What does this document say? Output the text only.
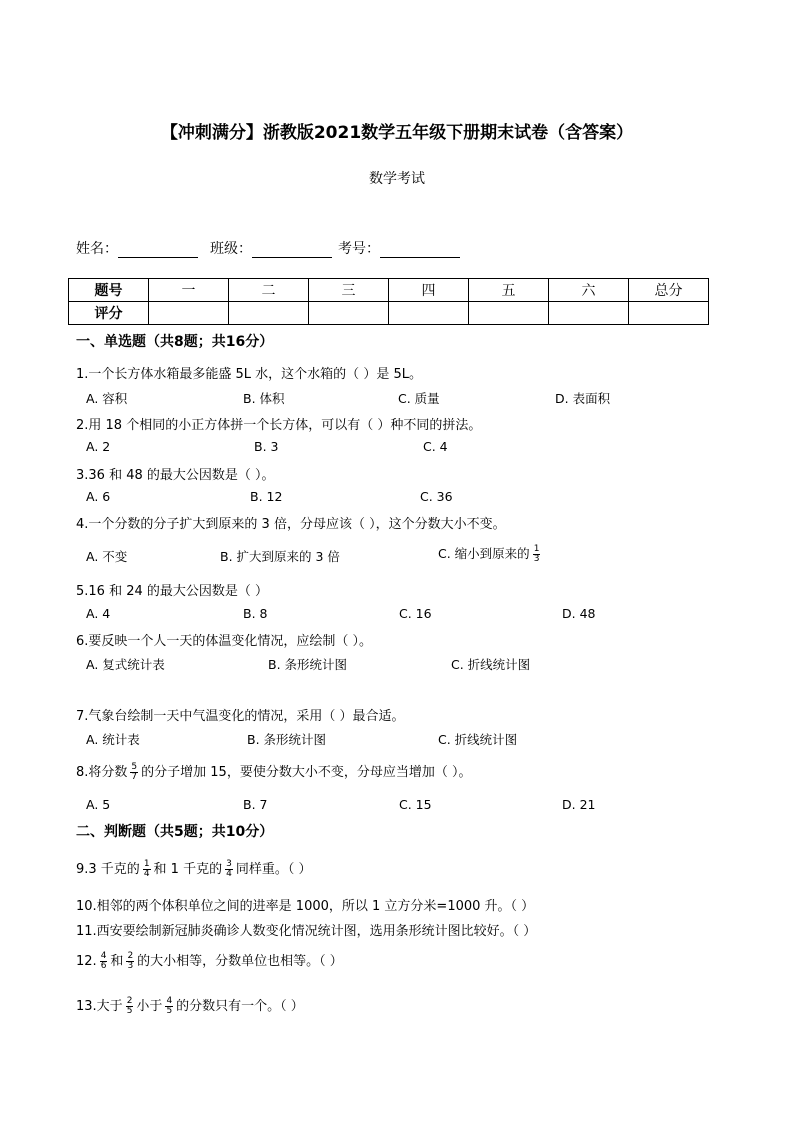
【冲刺满分】浙教版2021数学五年级下册期末试卷（含答案）
数学考试
姓名：	班级：	考号：
题号	一	二	三	四	五	六	总分
评分							
一、单选题（共8题；共16分）
1.一个长方体水箱最多能盛 5L 水，这个水箱的（ ）是 5L。
A. 容积	B. 体积	C. 质量	D. 表面积
2.用 18 个相同的小正方体拼一个长方体，可以有（ ）种不同的拼法。
A. 2	B. 3	C. 4
3.36 和 48 的最大公因数是（ ）。
A. 6	B. 12	C. 36
4.一个分数的分子扩大到原来的 3 倍，分母应该（ ），这个分数大小不变。
A. 不变	B. 扩大到原来的 3 倍	C. 缩小到原来的 $\frac{1}{3}$
5.16 和 24 的最大公因数是（ ）
A. 4	B. 8	C. 16	D. 48
6.要反映一个人一天的体温变化情况，应绘制（ ）。
A. 复式统计表	B. 条形统计图	C. 折线统计图
7.气象台绘制一天中气温变化的情况，采用（ ）最合适。
A. 统计表	B. 条形统计图	C. 折线统计图
8.将分数 $\frac{5}{7}$ 的分子增加 15，要使分数大小不变，分母应当增加（ ）。
A. 5	B. 7	C. 15	D. 21
二、判断题（共5题；共10分）
9.3 千克的 $\frac{1}{4}$ 和 1 千克的 $\frac{3}{4}$ 同样重。（ ）
10.相邻的两个体积单位之间的进率是 1000，所以 1 立方分米=1000 升。（ ）
11.西安要绘制新冠肺炎确诊人数变化情况统计图，选用条形统计图比较好。（ ）
12. $\frac{4}{6}$ 和 $\frac{2}{3}$ 的大小相等，分数单位也相等。（ ）
13.大于 $\frac{2}{5}$ 小于 $\frac{4}{5}$ 的分数只有一个。（ ）
